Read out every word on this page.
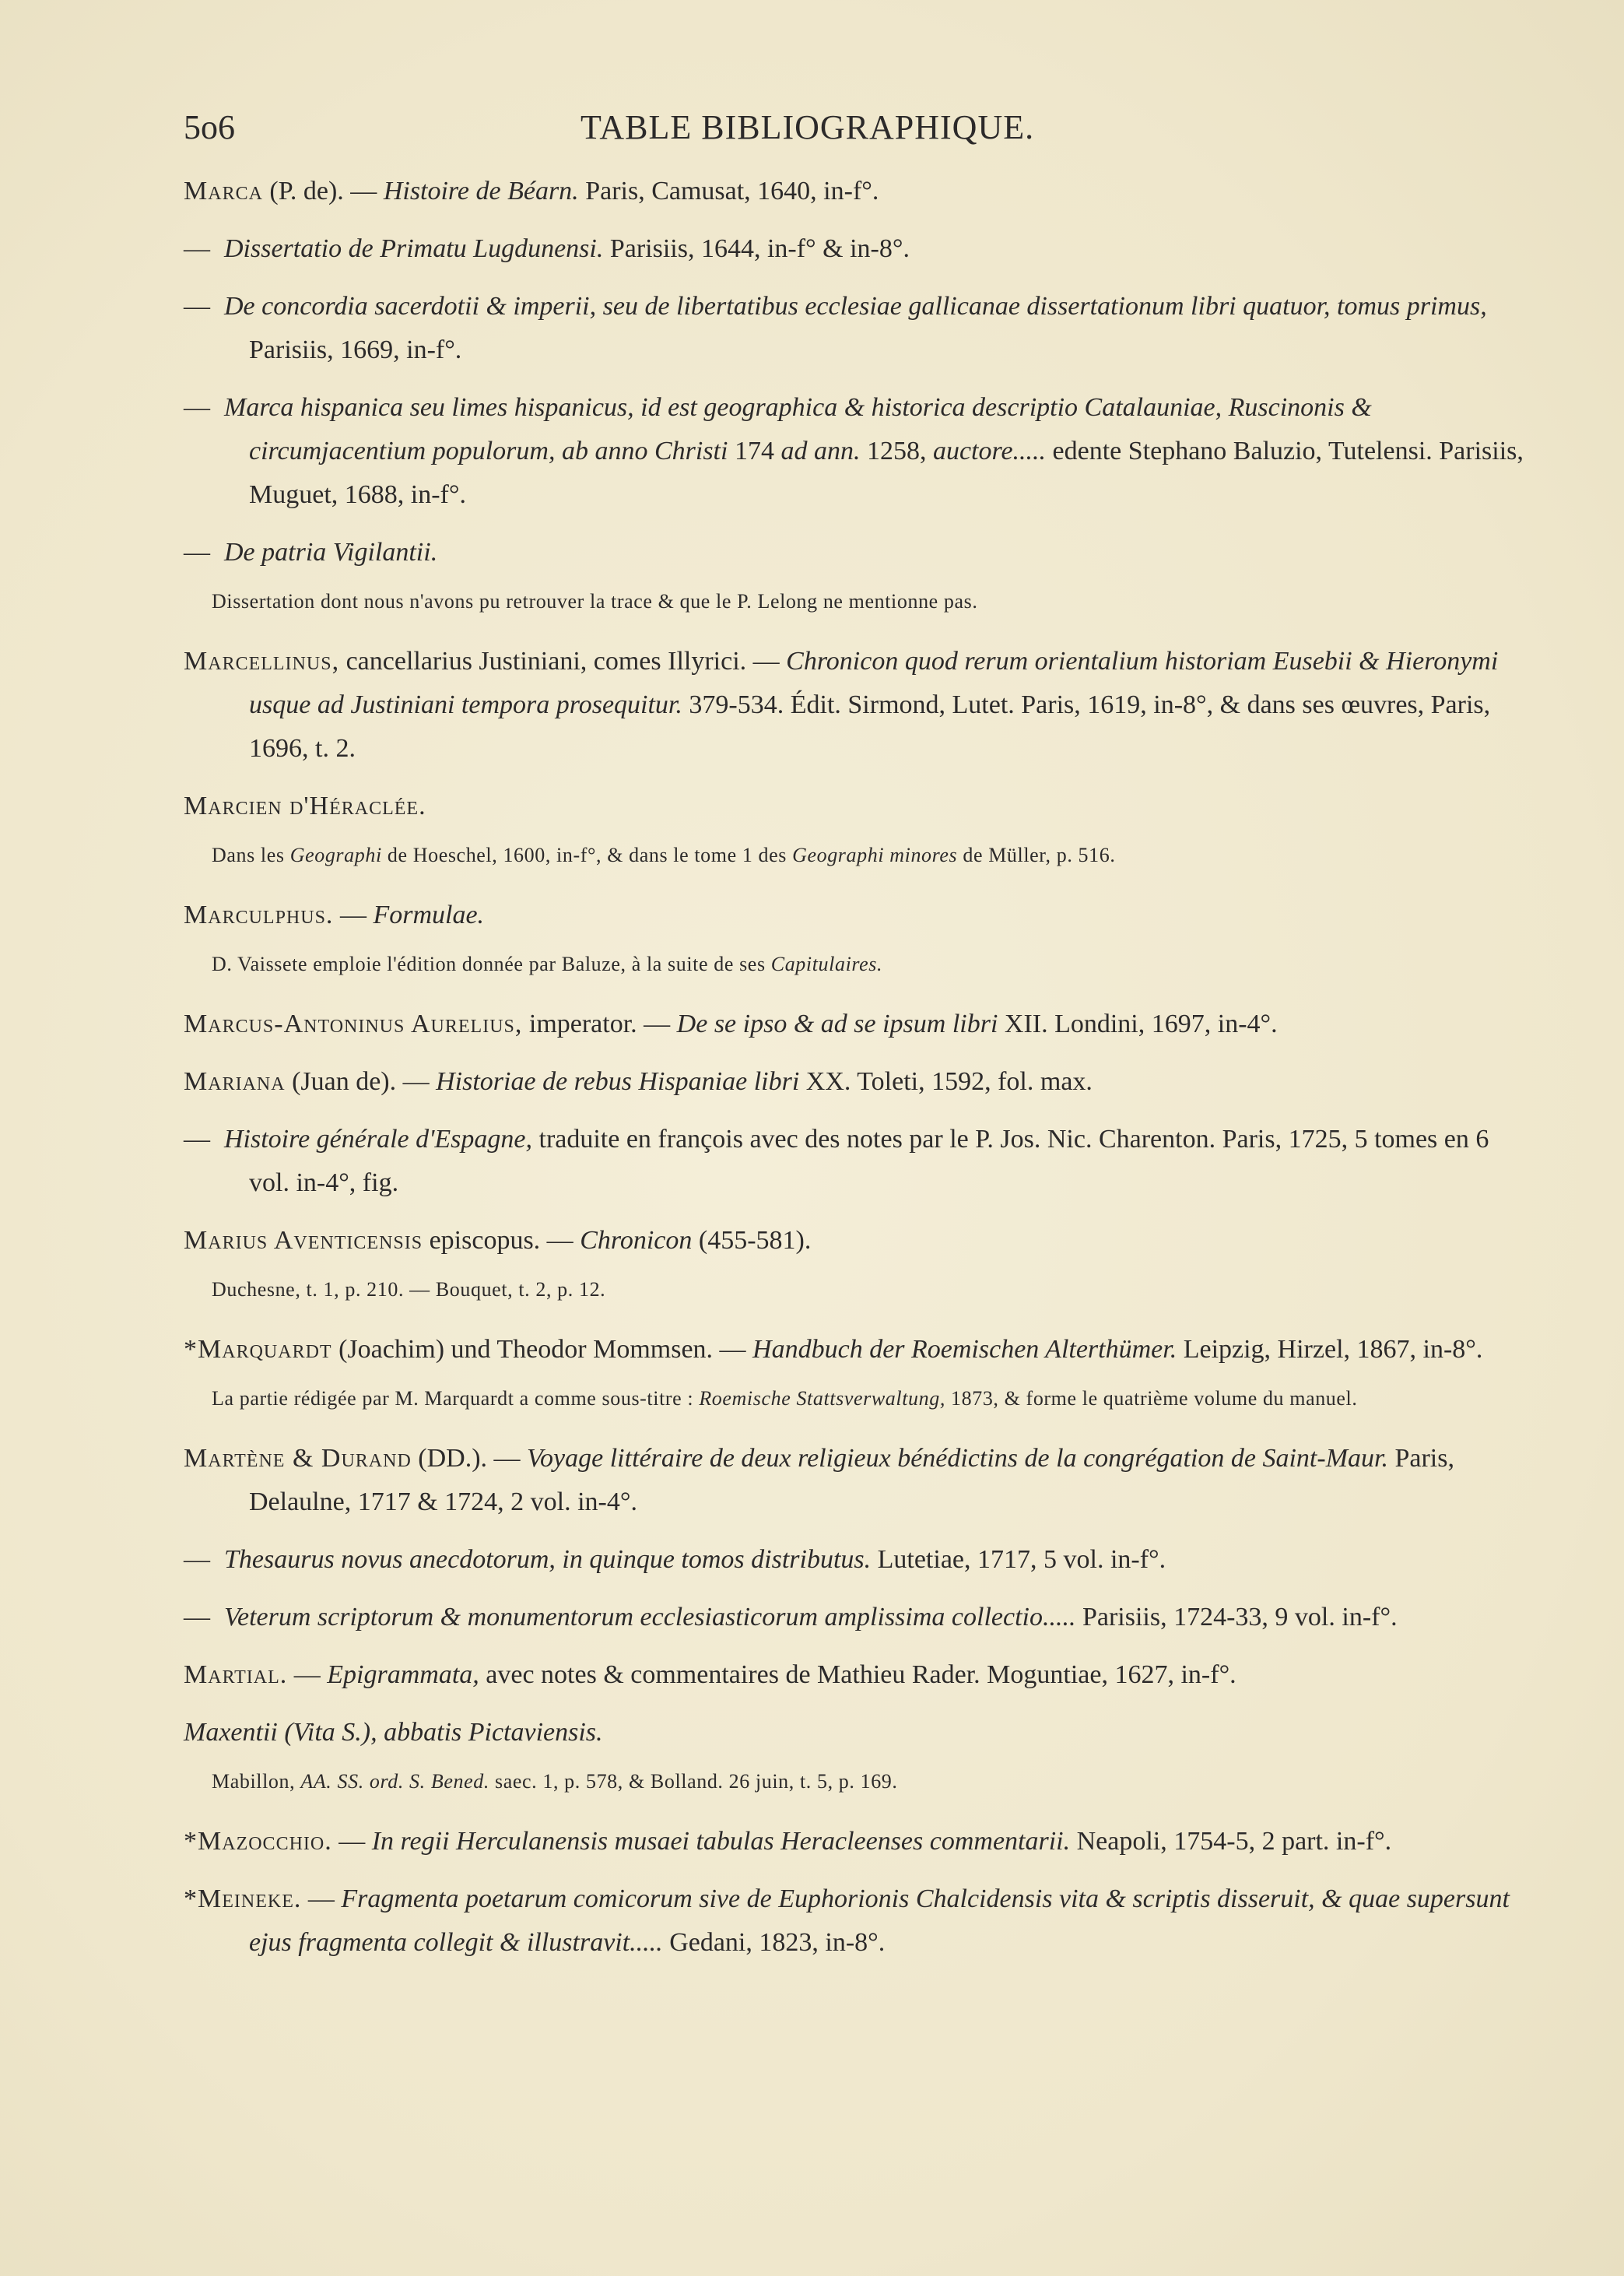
5o6	TABLE BIBLIOGRAPHIQUE.

Marca (P. de). — Histoire de Béarn. Paris, Camusat, 1640, in-f°.

— Dissertatio de Primatu Lugdunensi. Parisiis, 1644, in-f° & in-8°.

— De concordia sacerdotii & imperii, seu de libertatibus ecclesiae gallicanae dissertationum libri quatuor, tomus primus, Parisiis, 1669, in-f°.

— Marca hispanica seu limes hispanicus, id est geographica & historica descriptio Catalauniae, Ruscinonis & circumjacentium populorum, ab anno Christi 174 ad ann. 1258, auctore..... edente Stephano Baluzio, Tutelensi. Parisiis, Muguet, 1688, in-f°.

— De patria Vigilantii.

Dissertation dont nous n'avons pu retrouver la trace & que le P. Lelong ne mentionne pas.

Marcellinus, cancellarius Justiniani, comes Illyrici. — Chronicon quod rerum orientalium historiam Eusebii & Hieronymi usque ad Justiniani tempora prosequitur. 379-534. Édit. Sirmond, Lutet. Paris, 1619, in-8°, & dans ses œuvres, Paris, 1696, t. 2.

Marcien d'Héraclée.

Dans les Geographi de Hoeschel, 1600, in-f°, & dans le tome 1 des Geographi minores de Müller, p. 516.

Marculphus. — Formulae.

D. Vaissete emploie l'édition donnée par Baluze, à la suite de ses Capitulaires.

Marcus-Antoninus Aurelius, imperator. — De se ipso & ad se ipsum libri XII. Londini, 1697, in-4°.

Mariana (Juan de). — Historiae de rebus Hispaniae libri XX. Toleti, 1592, fol. max.

— Histoire générale d'Espagne, traduite en françois avec des notes par le P. Jos. Nic. Charenton. Paris, 1725, 5 tomes en 6 vol. in-4°, fig.

Marius Aventicensis episcopus. — Chronicon (455-581).

Duchesne, t. 1, p. 210. — Bouquet, t. 2, p. 12.

*Marquardt (Joachim) und Theodor Mommsen. — Handbuch der Roemischen Alterthümer. Leipzig, Hirzel, 1867, in-8°.

La partie rédigée par M. Marquardt a comme sous-titre : Roemische Stattsverwaltung, 1873, & forme le quatrième volume du manuel.

Martène & Durand (DD.). — Voyage littéraire de deux religieux bénédictins de la congrégation de Saint-Maur. Paris, Delaulne, 1717 & 1724, 2 vol. in-4°.

— Thesaurus novus anecdotorum, in quinque tomos distributus. Lutetiae, 1717, 5 vol. in-f°.

— Veterum scriptorum & monumentorum ecclesiasticorum amplissima collectio..... Parisiis, 1724-33, 9 vol. in-f°.

Martial. — Epigrammata, avec notes & commentaires de Mathieu Rader. Moguntiae, 1627, in-f°.

Maxentii (Vita S.), abbatis Pictaviensis.

Mabillon, AA. SS. ord. S. Bened. saec. 1, p. 578, & Bolland. 26 juin, t. 5, p. 169.

*Mazocchio. — In regii Herculanensis musaei tabulas Heracleenses commentarii. Neapoli, 1754-5, 2 part. in-f°.

*Meineke. — Fragmenta poetarum comicorum sive de Euphorionis Chalcidensis vita & scriptis disseruit, & quae supersunt ejus fragmenta collegit & illustravit..... Gedani, 1823, in-8°.
